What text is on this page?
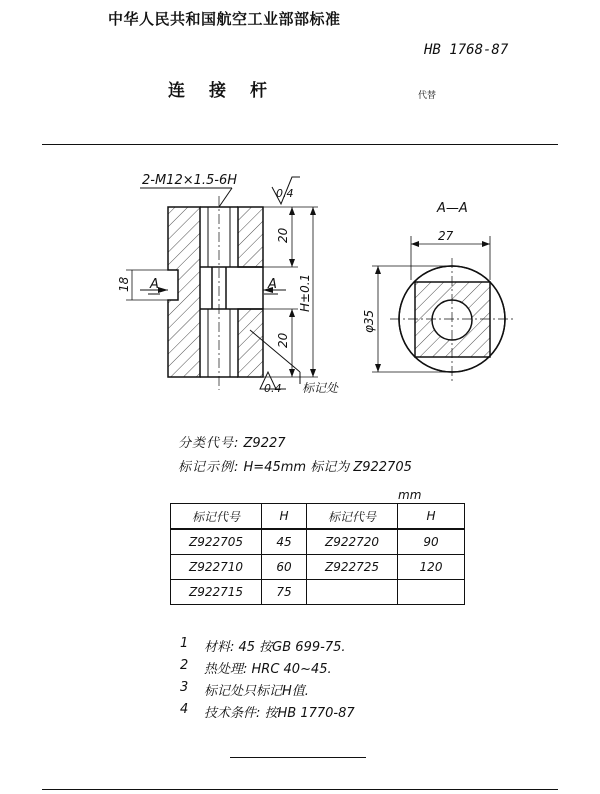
中华人民共和国航空工业部部标准
HB 1768-87
连接杆	代替
2-M12×1.5-6H
0.4
0.4
20
20
H±0.1
18 A	A
标记处
A—A
27
φ35
分类代号: Z9227
标记示例: H=45mm 标记为 Z922705
mm
标记代号	H	标记代号	H
Z922705	45	Z922720	90
Z922710	60	Z922725	120
Z922715	75		
1	材料: 45 按GB 699-75.
2	热处理: HRC 40~45.
3	标记处只标记H值.
4	技术条件: 按HB 1770-87
